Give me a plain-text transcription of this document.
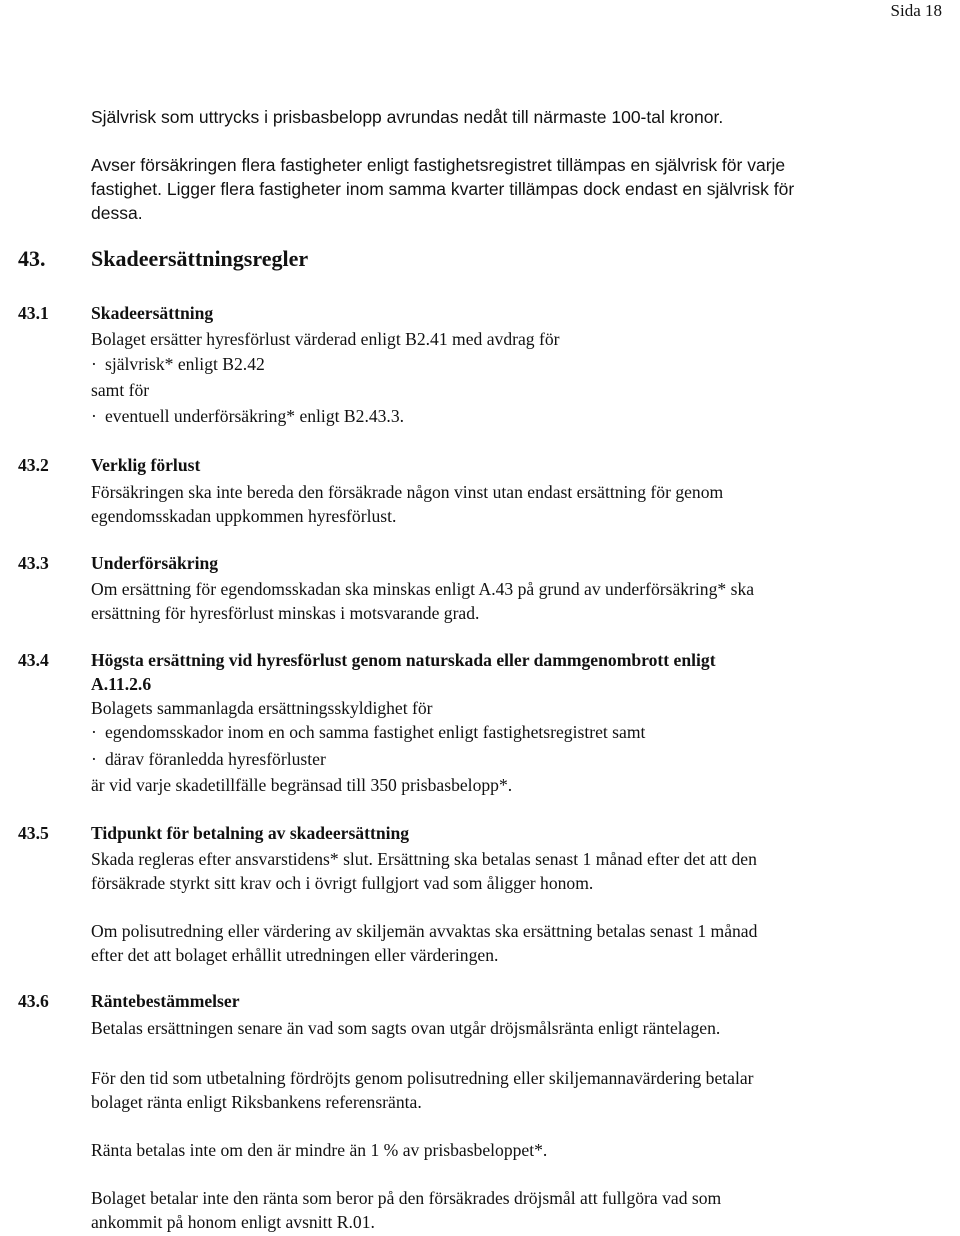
Sida 18

Självrisk som uttrycks i prisbasbelopp avrundas nedåt till närmaste 100-tal kronor.

Avser försäkringen flera fastigheter enligt fastighetsregistret tillämpas en självrisk för varje

fastighet. Ligger flera fastigheter inom samma kvarter tillämpas dock endast en självrisk för

dessa.

43. Skadeersättningsregler
43.1 Skadeersättning

Bolaget ersätter hyresförlust värderad enligt B2.41 med avdrag för

· självrisk* enligt B2.42

samt för

· eventuell underförsäkring* enligt B2.43.3.
43.2 Verklig förlust

Försäkringen ska inte bereda den försäkrade någon vinst utan endast ersättning för genom

egendomsskadan uppkommen hyresförlust.

43.3 Underförsäkring

Om ersättning för egendomsskadan ska minskas enligt A.43 på grund av underförsäkring* ska

ersättning för hyresförlust minskas i motsvarande grad.

43.4 Högsta ersättning vid hyresförlust genom naturskada eller dammgenombrott enligt
A.11.2.6

Bolagets sammanlagda ersättningsskyldighet för

· egendomsskador inom en och samma fastighet enligt fastighetsregistret samt
· därav föranledda hyresförluster

är vid varje skadetillfälle begränsad till 350 prisbasbelopp*.

43.5 Tidpunkt för betalning av skadeersättning

Skada regleras efter ansvarstidens* slut. Ersättning ska betalas senast 1 månad efter det att den

försäkrade styrkt sitt krav och i övrigt fullgjort vad som åligger honom.

Om polisutredning eller värdering av skiljemän avvaktas ska ersättning betalas senast 1 månad

efter det att bolaget erhållit utredningen eller värderingen.

43.6 Räntebestämmelser

Betalas ersättningen senare än vad som sagts ovan utgår dröjsmålsränta enligt räntelagen.

För den tid som utbetalning fördröjts genom polisutredning eller skiljemannavärdering betalar

bolaget ränta enligt Riksbankens referensränta.

Ränta betalas inte om den är mindre än 1 % av prisbasbeloppet*.

Bolaget betalar inte den ränta som beror på den försäkrades dröjsmål att fullgöra vad som

ankommit på honom enligt avsnitt R.01.
